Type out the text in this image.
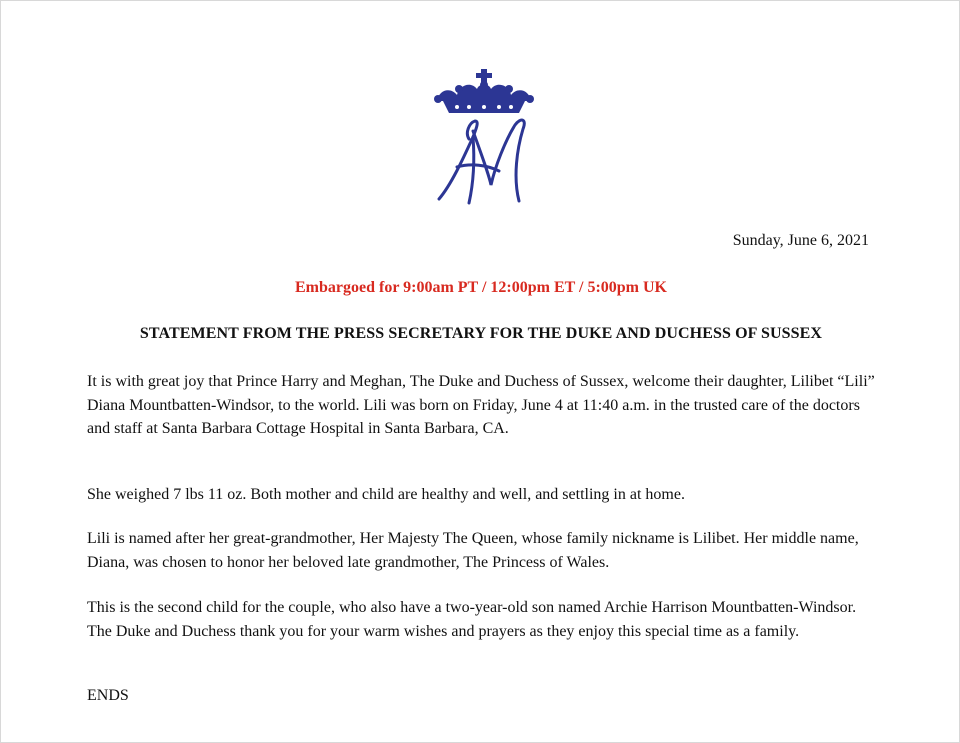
Sunday, June 6, 2021
Embargoed for 9:00am PT / 12:00pm ET / 5:00pm UK
STATEMENT FROM THE PRESS SECRETARY FOR THE DUKE AND DUCHESS OF SUSSEX

It is with great joy that Prince Harry and Meghan, The Duke and Duchess of Sussex, welcome their daughter, Lilibet “Lili” Diana Mountbatten-Windsor, to the world. Lili was born on Friday, June 4 at 11:40 a.m. in the trusted care of the doctors and staff at Santa Barbara Cottage Hospital in Santa Barbara, CA.

She weighed 7 lbs 11 oz. Both mother and child are healthy and well, and settling in at home.

Lili is named after her great-grandmother, Her Majesty The Queen, whose family nickname is Lilibet. Her middle name, Diana, was chosen to honor her beloved late grandmother, The Princess of Wales.

This is the second child for the couple, who also have a two-year-old son named Archie Harrison Mountbatten-Windsor. The Duke and Duchess thank you for your warm wishes and prayers as they enjoy this special time as a family.

ENDS
